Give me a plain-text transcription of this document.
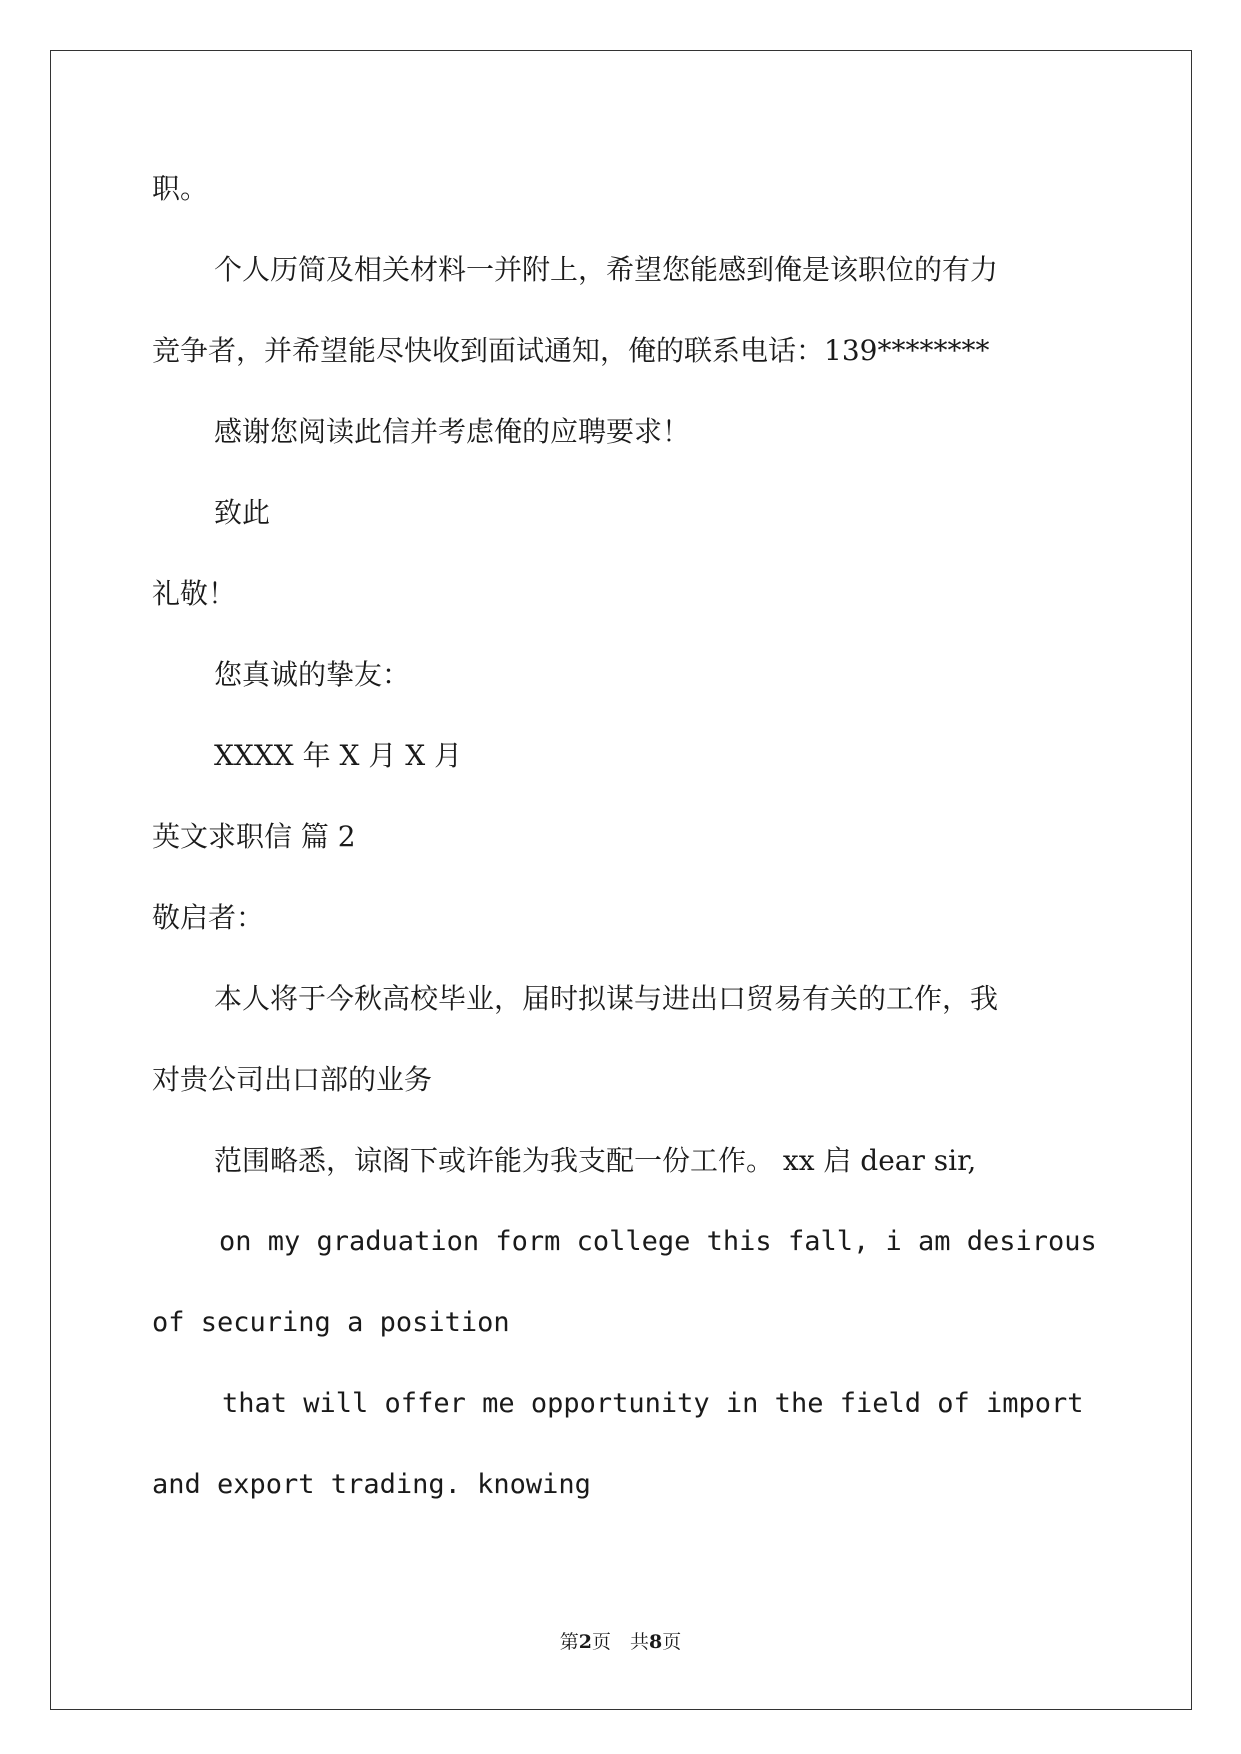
职。
个人历简及相关材料一并附上，希望您能感到俺是该职位的有力
竞争者，并希望能尽快收到面试通知，俺的联系电话：139********
感谢您阅读此信并考虑俺的应聘要求！
致此
礼敬！
您真诚的挚友：
XXXX 年 X 月 X 月
英文求职信 篇 2
敬启者：
本人将于今秋高校毕业，届时拟谋与进出口贸易有关的工作，我
对贵公司出口部的业务
范围略悉，谅阁下或许能为我支配一份工作。 xx 启 dear sir,
on my graduation form college this fall, i am desirous
of securing a position
that will offer me opportunity in the field of import
and export trading. knowing
第2页　共8页
